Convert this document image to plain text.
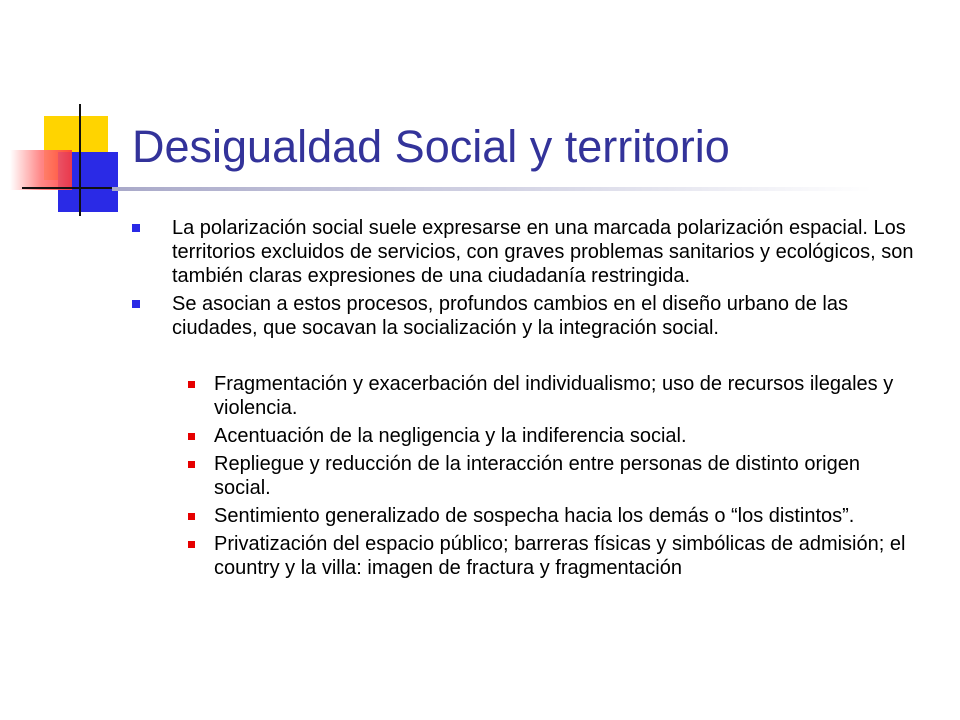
Desigualdad Social y territorio
La polarización social suele expresarse en una marcada polarización espacial. Los territorios excluidos de servicios, con graves problemas sanitarios y ecológicos, son también claras expresiones de una ciudadanía restringida.
Se asocian a estos procesos, profundos cambios en el diseño urbano de las ciudades, que socavan la socialización y la integración social.
Fragmentación y exacerbación del individualismo; uso de recursos ilegales y violencia.
Acentuación de la negligencia y la indiferencia social.
Repliegue y reducción de la interacción entre personas de distinto origen social.
Sentimiento generalizado de sospecha hacia los demás o “los distintos”.
Privatización del espacio público; barreras físicas y simbólicas de admisión; el country y la villa: imagen de fractura y fragmentación
